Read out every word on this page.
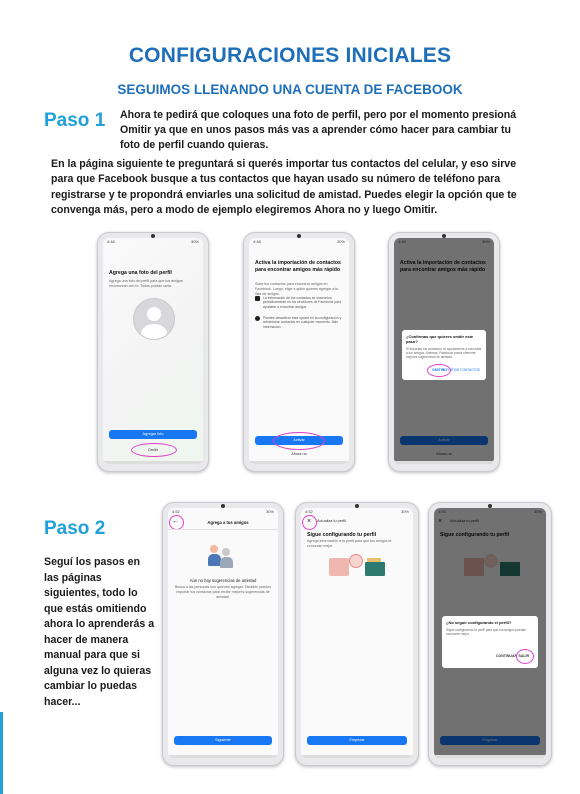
CONFIGURACIONES INICIALES
SEGUIMOS LLENANDO UNA CUENTA DE FACEBOOK
Paso 1 Ahora te pedirá que coloques una foto de perfil, pero por el momento presioná Omitir ya que en unos pasos más vas a aprender cómo hacer para cambiar tu foto de perfil cuando quieras.
En la página siguiente te preguntará si querés importar tus contactos del celular, y eso sirve para que Facebook busque a tus contactos que hayan usado su número de teléfono para registrarse y te propondrá enviarles una solicitud de amistad. Puedes elegir la opción que te convenga más, pero a modo de ejemplo elegiremos Ahora no y luego Omitir.
4:48	30%
Agrega una foto del perfil
Agrega una foto del perfil para que tus amigos reconozcan con fo. Todos podrán verla.
Agregar foto
Omitir
4:48	30%
Activa la importación de contactos para encontrar amigos más rápido
Sube tus contactos para encontrar amigos en Facebook. Luego, elige a quién quieres agregar a tu lista de amigos.
La información de tus contactos se sincroniza periódicamente en los servidores de Facebook para ayudarte a encontrar amigos.
Puedes desactivar esta opción en la configuración y administrar contactos en cualquier momento. Más información
Activar
Ahora no
¿Confirmas que quieres omitir este paso?
Si importas tus contactos, te ayudaremos a encontrar a tus amigos. Además, Facebook podrá ofrecerte mejores sugerencias de amistad.
OMITIR
IMPORTAR CONTACTOS
Paso 2
Seguí los pasos en las páginas siguientes, todo lo que estás omitiendo ahora lo aprenderás a hacer de manera manual para que si alguna vez lo quieras cambiar lo puedas hacer...
4:52	30%
←	Agrega a tus amigos
Aún no hay sugerencias de amistad
Busca a las personas con quienes agregar. También puedes importar tus contactos para recibir mejores sugerencias de amistad.
Siguiente
4:52	30%
×	Actualiza tu perfil
Sigue configurando tu perfil
Agrega información a tu perfil para que tus amigos te conozcan mejor.
Empezar
¿No seguir configurando el perfil?
Sigue configurando tu perfil para que tus amigos puedan conocerte mejor.
CONTINUAR SALIR
